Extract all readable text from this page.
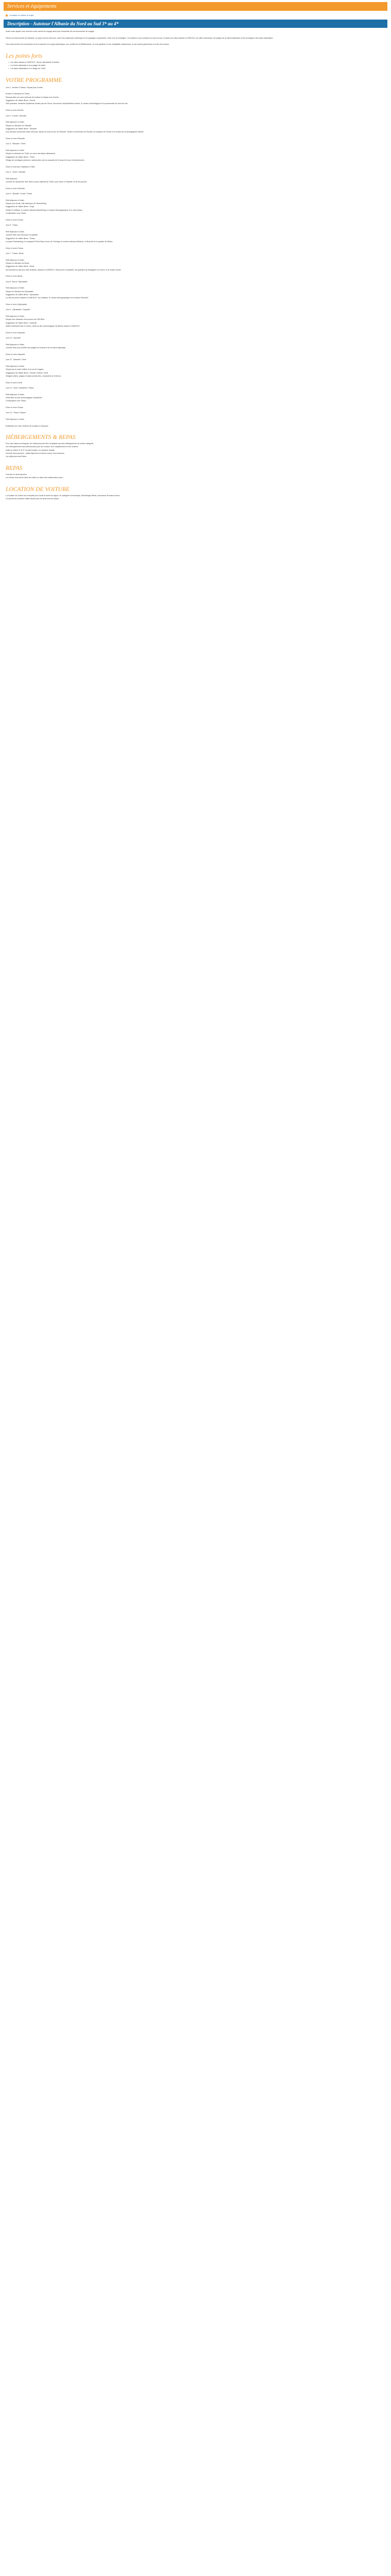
Services et équipements
Localiser et refaire le trajet
Description - Autotour l'Albanie du Nord au Sud 3* au 4*
Avant votre départ vous recevrez votre carnet de voyage ainsi que l'ensemble de vos documents de voyage.
Partez à la découverte de l'Albanie, un pays encore méconnu, riche d'un patrimoine historique et de paysages surprenants, entre mer et montagne. Cet autotour vous conduira du nord au sud, à travers les sites classés à l'UNESCO, les villes ottomanes, les plages de la riviera albanaise et les montagnes des Alpes albanaises.
Vous découvrirez les monuments et les coutumes d'un pays authentique, aux confins de la Méditerranée, et vous goûterez à une hospitalité chaleureuse, à une cuisine généreuse et à des vins locaux.
Les points forts
• Les sites classés à l'UNESCO : Berat, Gjirokastër et Butrint
• La riviera albanaise et ses plages de sable
• Les Alpes albanaises et le village de Theth
VOTRE PROGRAMME
Jour 1 : Arrivée à Tirana / Départ pour Durrës
Arrivée à l'aéroport de Tirana.
Récupération de votre véhicule de location et départ vers Durrës.
Suggestion de visites libres : Durrës
Ville portuaire, ancienne Epidamne fondée par les Grecs, découvrez l'amphithéâtre romain, le musée archéologique et la promenade du bord de mer.
Dîner et nuit à Durrës.
Jour 2 : Durrës / Shkodër
Petit déjeuner à l'hôtel.
Départ en direction de Shkodër.
Suggestion de visites libres : Shkodër
Une des plus anciennes villes d'Europe, située au bord du lac de Shkodër. Visitez la forteresse de Rozafa, la mosquée de Plomb et le musée de la photographie Marubi.
Dîner et nuit à Shkodër.
Jour 3 : Shkodër / Theth
Petit déjeuner à l'hôtel.
Départ en direction de Theth, au cœur des Alpes albanaises.
Suggestion de visites libres : Theth
Village de montagne préservé, randonnées vers la cascade de Grunas et la tour d'enfermement.
Dîner et nuit chez l'habitant à Theth.
Jour 4 : Theth / Shkodër
Petit déjeuner.
Journée de randonnée libre dans le parc national de Theth, puis retour à Shkodër en fin de journée.
Dîner et nuit à Shkodër.
Jour 5 : Shkodër / Krujë / Tirana
Petit déjeuner à l'hôtel.
Départ pour Krujë, ville historique de Skanderbeg.
Suggestion de visites libres : Krujë
Visitez le château, le musée national Skanderbeg, le musée ethnographique et le vieux bazar.
Continuation vers Tirana.
Dîner et nuit à Tirana.
Jour 6 : Tirana
Petit déjeuner à l'hôtel.
Journée libre pour découvrir la capitale.
Suggestion de visites libres : Tirana
La place Skanderbeg, la mosquée Et'hem Bey, la tour de l'Horloge, le musée national d'histoire, le Bunk'Art et le quartier de Blloku.
Dîner et nuit à Tirana.
Jour 7 : Tirana / Berat
Petit déjeuner à l'hôtel.
Départ en direction de Berat.
Suggestion de visites libres : Berat
Surnommée la ville aux mille fenêtres, classée à l'UNESCO. Découvrez la citadelle, les quartiers de Mangalem et Gorica, et le musée Onufri.
Dîner et nuit à Berat.
Jour 8 : Berat / Gjirokastër
Petit déjeuner à l'hôtel.
Départ en direction de Gjirokastër.
Suggestion de visites libres : Gjirokastër
La ville de pierre classée à l'UNESCO, son château, le musée ethnographique et la maison Skenduli.
Dîner et nuit à Gjirokastër.
Jour 9 : Gjirokastër / Sarandë
Petit déjeuner à l'hôtel.
Départ vers Sarandë via la source de l'Œil Bleu.
Suggestion de visites libres : Sarandë
Station balnéaire face à Corfou, visite du site archéologique de Butrint classé à l'UNESCO.
Dîner et nuit à Sarandë.
Jour 10 : Sarandë
Petit déjeuner à l'hôtel.
Journée libre pour profiter des plages de Ksamil et de la riviera albanaise.
Dîner et nuit à Sarandë.
Jour 11 : Sarandë / Vlorë
Petit déjeuner à l'hôtel.
Départ par la route côtière et le col de Llogara.
Suggestion de visites libres : Himarë, Dhërmi, Vlorë
Villages côtiers, plages et baies préservées, monastère de Zvërnec.
Dîner et nuit à Vlorë.
Jour 12 : Vlorë / Apollonia / Tirana
Petit déjeuner à l'hôtel.
Visite libre du site archéologique d'Apollonia.
Continuation vers Tirana.
Dîner et nuit à Tirana.
Jour 13 : Tirana / Départ
Petit déjeuner à l'hôtel.
Restitution de votre véhicule de location à l'aéroport.
HÉBERGEMENTS & REPAS
Pour des raisons techniques, les hôtels peuvent être remplacés par des hébergements de même catégorie.
Les hébergements sont sélectionnés pour leur confort, leur emplacement et leur charme.
Nuits en hôtels 3* et 4* normes locales, en chambre double.
Formule demi-pension : petits déjeuners et dîners inclus, hors boissons.
Les déjeuners sont libres.
REPAS
Formule en demi-pension.
Les dîners sont servis dans les hôtels ou dans des restaurants locaux.
LOCATION DE VOITURE
La location de voiture est comprise pour toute la durée du séjour, en catégorie économique, kilométrage illimité, assurance de base incluse.
Un permis de conduire valide depuis plus de deux ans est requis.
